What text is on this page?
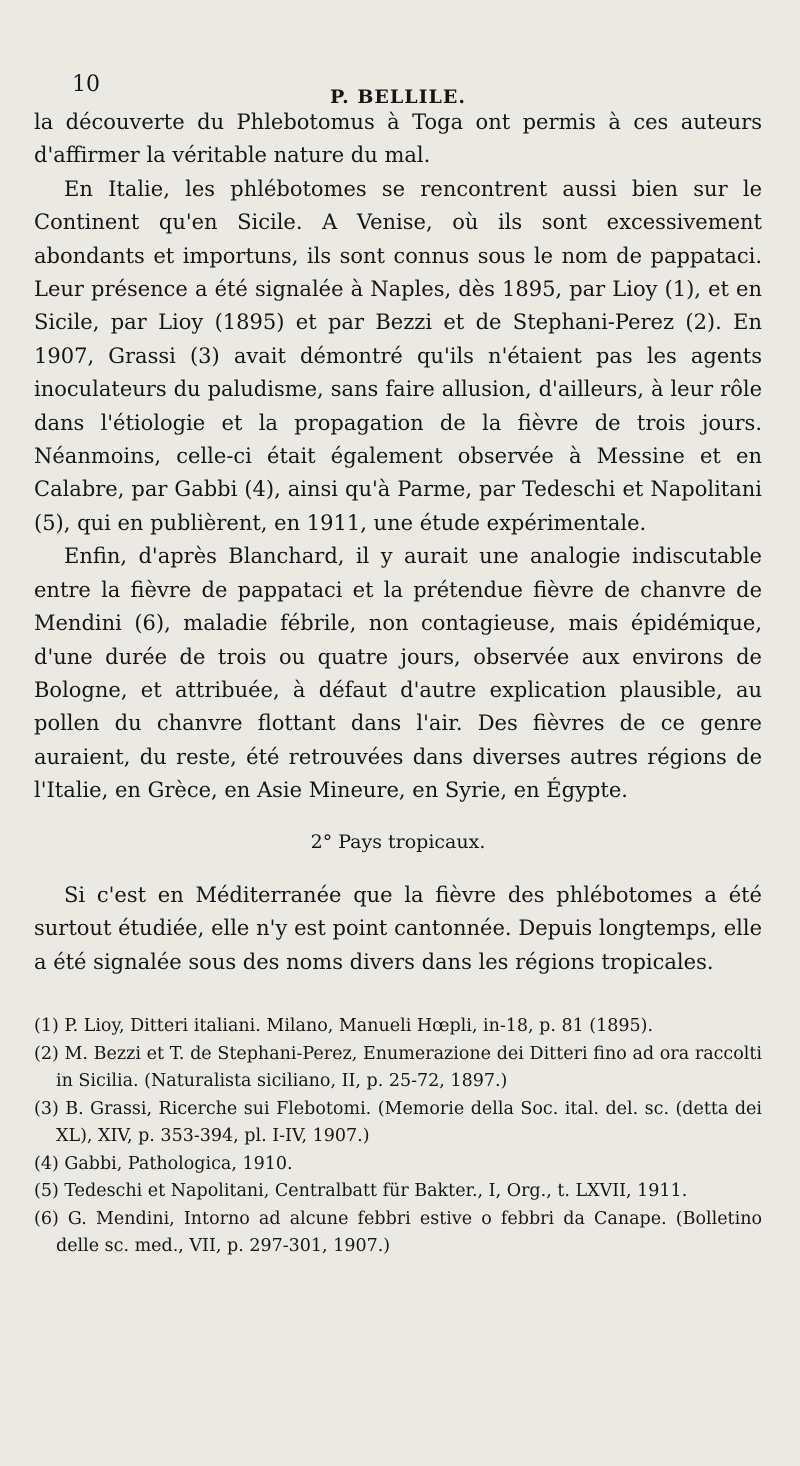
10	P. BELLILE.

la découverte du Phlebotomus à Toga ont permis à ces auteurs d'affirmer la véritable nature du mal.

En Italie, les phlébotomes se rencontrent aussi bien sur le Continent qu'en Sicile. A Venise, où ils sont excessivement abondants et importuns, ils sont connus sous le nom de pappataci. Leur présence a été signalée à Naples, dès 1895, par Lioy (1), et en Sicile, par Lioy (1895) et par Bezzi et de Stephani-Perez (2). En 1907, Grassi (3) avait démontré qu'ils n'étaient pas les agents inoculateurs du paludisme, sans faire allusion, d'ailleurs, à leur rôle dans l'étiologie et la propagation de la fièvre de trois jours. Néanmoins, celle-ci était également observée à Messine et en Calabre, par Gabbi (4), ainsi qu'à Parme, par Tedeschi et Napolitani (5), qui en publièrent, en 1911, une étude expérimentale.

Enfin, d'après Blanchard, il y aurait une analogie indiscutable entre la fièvre de pappataci et la prétendue fièvre de chanvre de Mendini (6), maladie fébrile, non contagieuse, mais épidémique, d'une durée de trois ou quatre jours, observée aux environs de Bologne, et attribuée, à défaut d'autre explication plausible, au pollen du chanvre flottant dans l'air. Des fièvres de ce genre auraient, du reste, été retrouvées dans diverses autres régions de l'Italie, en Grèce, en Asie Mineure, en Syrie, en Égypte.

2° Pays tropicaux.

Si c'est en Méditerranée que la fièvre des phlébotomes a été surtout étudiée, elle n'y est point cantonnée. Depuis longtemps, elle a été signalée sous des noms divers dans les régions tropicales.

(1) P. Lioy, Ditteri italiani. Milano, Manueli Hœpli, in-18, p. 81 (1895).

(2) M. Bezzi et T. de Stephani-Perez, Enumerazione dei Ditteri fino ad ora raccolti in Sicilia. (Naturalista siciliano, II, p. 25-72, 1897.)

(3) B. Grassi, Ricerche sui Flebotomi. (Memorie della Soc. ital. del. sc. (detta dei XL), XIV, p. 353-394, pl. I-IV, 1907.)

(4) Gabbi, Pathologica, 1910.

(5) Tedeschi et Napolitani, Centralbatt für Bakter., I, Org., t. LXVII, 1911.

(6) G. Mendini, Intorno ad alcune febbri estive o febbri da Canape. (Bolletino delle sc. med., VII, p. 297-301, 1907.)
